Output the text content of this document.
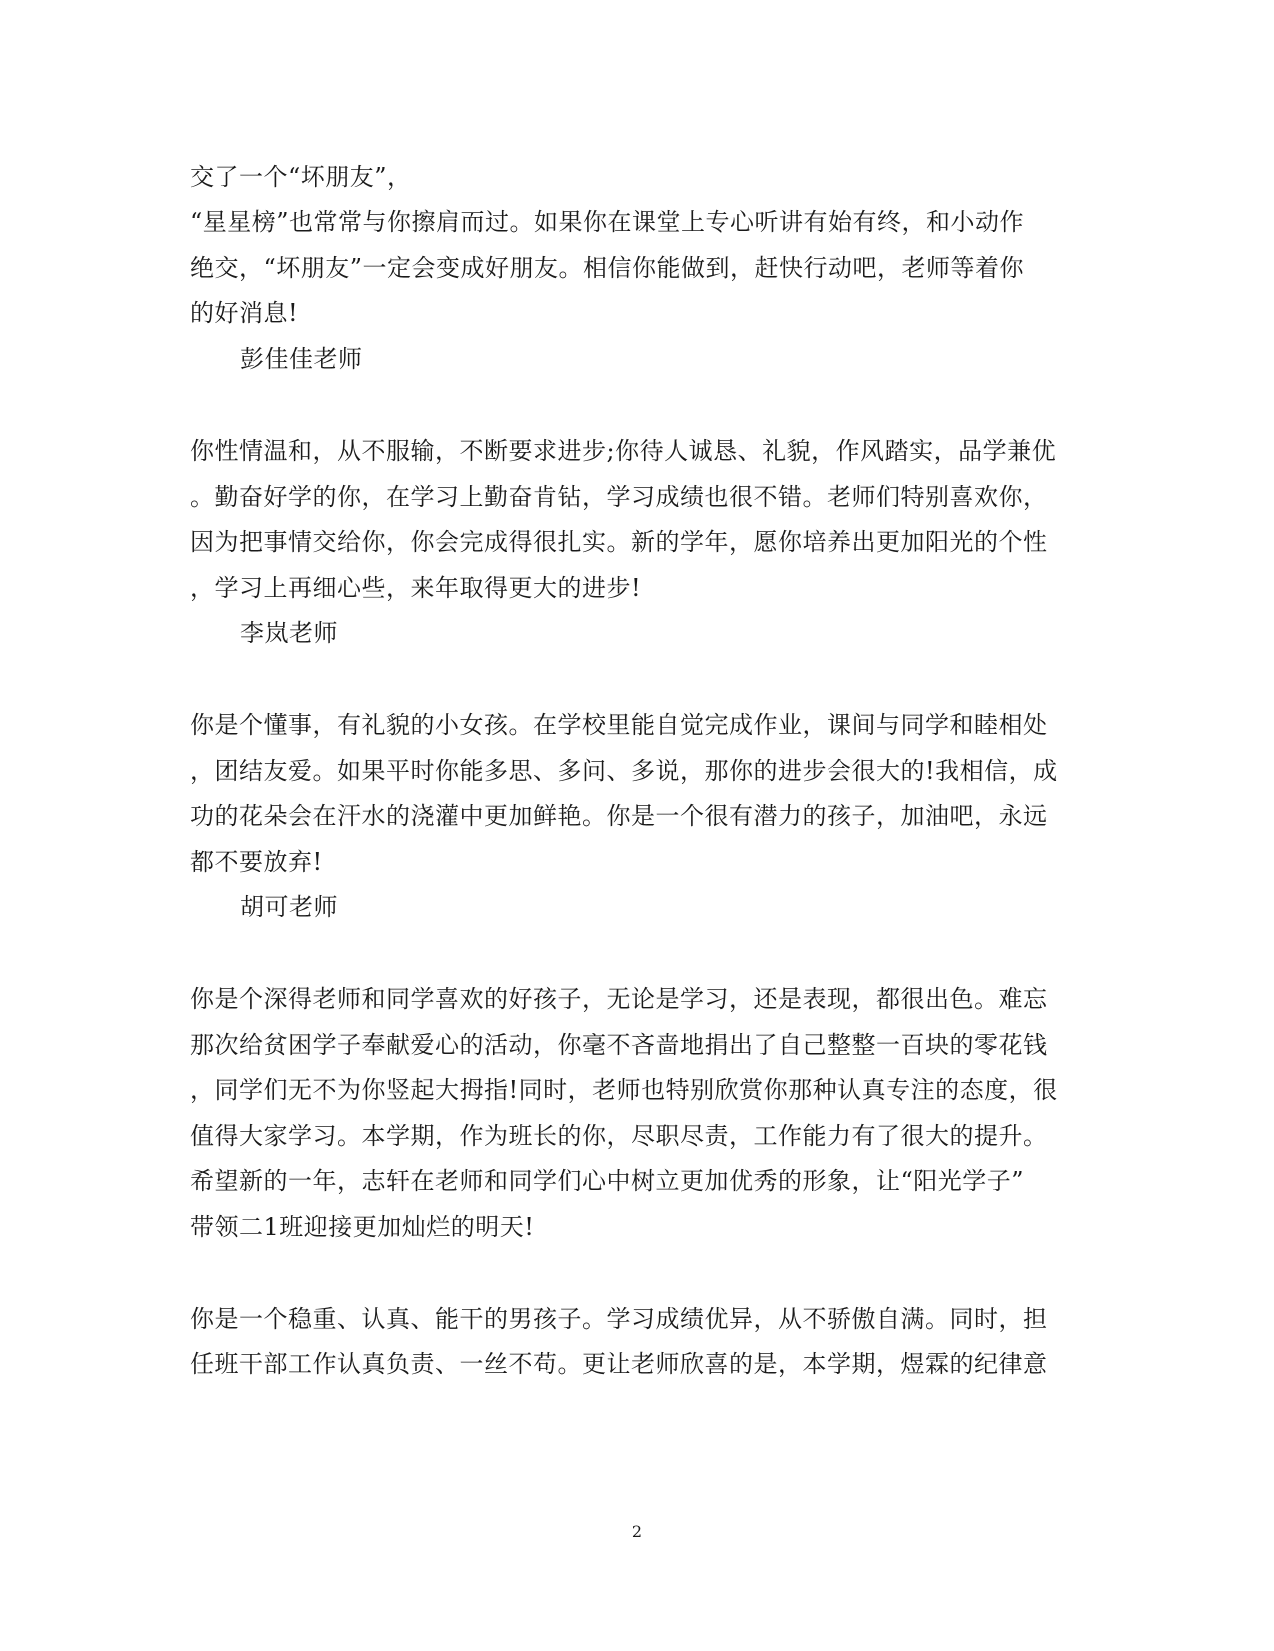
交了一个“坏朋友”，
“星星榜”也常常与你擦肩而过。如果你在课堂上专心听讲有始有终，和小动作
绝交，“坏朋友”一定会变成好朋友。相信你能做到，赶快行动吧，老师等着你
的好消息!
彭佳佳老师
你性情温和，从不服输，不断要求进步;你待人诚恳、礼貌，作风踏实，品学兼优
。勤奋好学的你，在学习上勤奋肯钻，学习成绩也很不错。老师们特别喜欢你，
因为把事情交给你，你会完成得很扎实。新的学年，愿你培养出更加阳光的个性
，学习上再细心些，来年取得更大的进步!
李岚老师
你是个懂事，有礼貌的小女孩。在学校里能自觉完成作业，课间与同学和睦相处
，团结友爱。如果平时你能多思、多问、多说，那你的进步会很大的!我相信，成
功的花朵会在汗水的浇灌中更加鲜艳。你是一个很有潜力的孩子，加油吧，永远
都不要放弃!
胡可老师
你是个深得老师和同学喜欢的好孩子，无论是学习，还是表现，都很出色。难忘
那次给贫困学子奉献爱心的活动，你毫不吝啬地捐出了自己整整一百块的零花钱
，同学们无不为你竖起大拇指!同时，老师也特别欣赏你那种认真专注的态度，很
值得大家学习。本学期，作为班长的你，尽职尽责，工作能力有了很大的提升。
希望新的一年，志轩在老师和同学们心中树立更加优秀的形象，让“阳光学子”
带领二1班迎接更加灿烂的明天!
你是一个稳重、认真、能干的男孩子。学习成绩优异，从不骄傲自满。同时，担
任班干部工作认真负责、一丝不苟。更让老师欣喜的是，本学期，煜霖的纪律意
2
